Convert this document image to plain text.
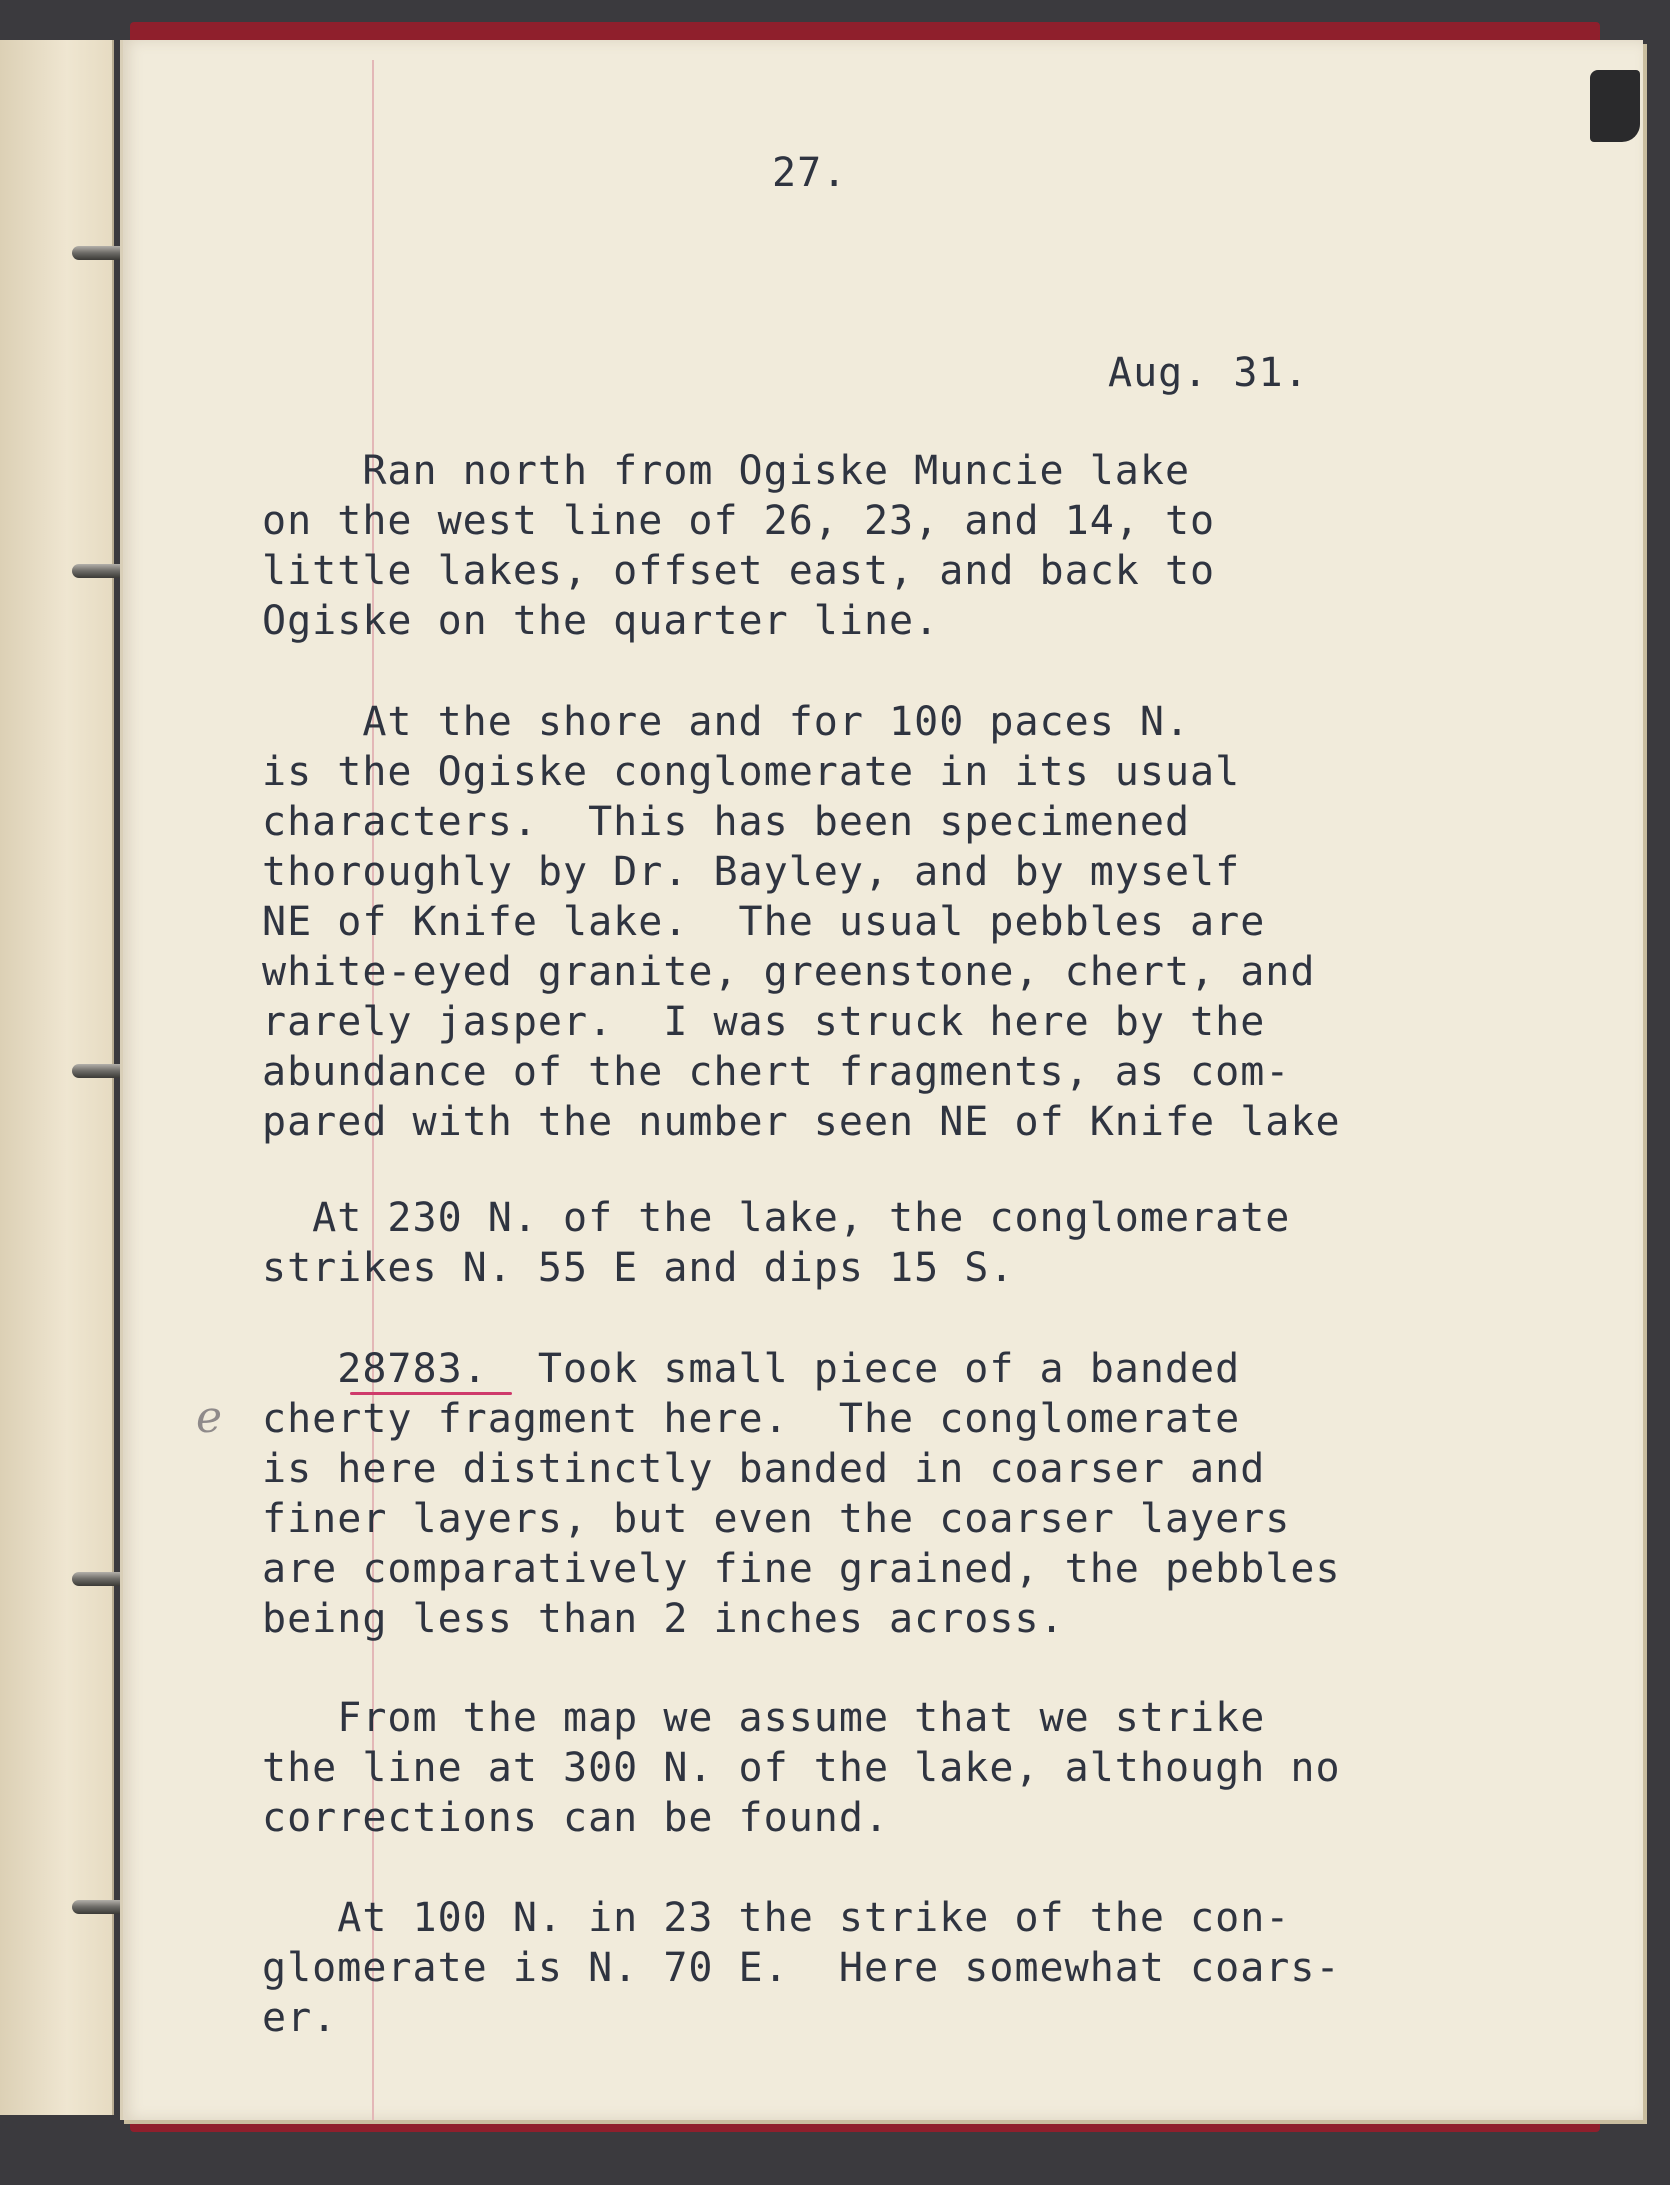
27.
Aug. 31.
Ran north from Ogiske Muncie lake
on the west line of 26, 23, and 14, to
little lakes, offset east, and back to
Ogiske on the quarter line.
At the shore and for 100 paces N.
is the Ogiske conglomerate in its usual
characters.  This has been specimened
thoroughly by Dr. Bayley, and by myself
NE of Knife lake.  The usual pebbles are
white-eyed granite, greenstone, chert, and
rarely jasper.  I was struck here by the
abundance of the chert fragments, as com-
pared with the number seen NE of Knife lake
At 230 N. of the lake, the conglomerate
strikes N. 55 E and dips 15 S.
28783.  Took small piece of a banded
cherty fragment here.  The conglomerate
is here distinctly banded in coarser and
finer layers, but even the coarser layers
are comparatively fine grained, the pebbles
being less than 2 inches across.
e
From the map we assume that we strike
the line at 300 N. of the lake, although no
corrections can be found.
At 100 N. in 23 the strike of the con-
glomerate is N. 70 E.  Here somewhat coars-
er.
